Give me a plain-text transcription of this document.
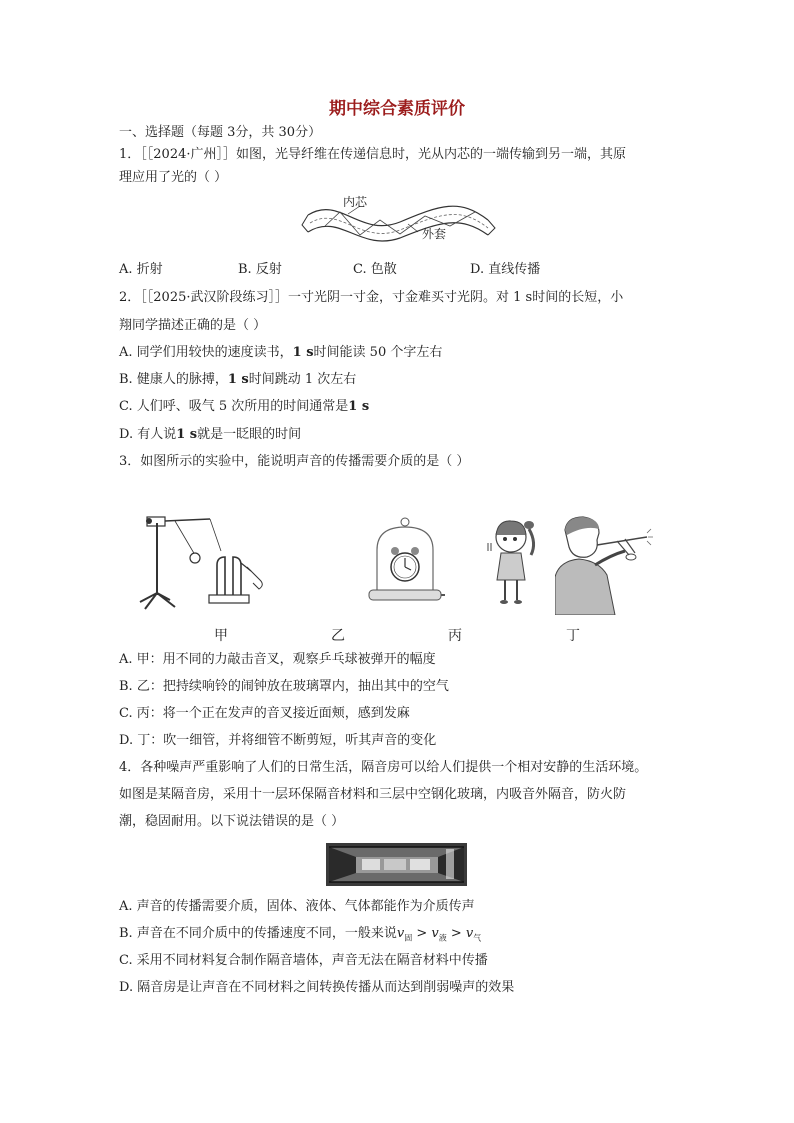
期中综合素质评价
一、选择题（每题 3分，共 30分）
1．［［2024·广州］］如图，光导纤维在传递信息时，光从内芯的一端传输到另一端，其原
理应用了光的（ ）
内芯
外套
A. 折射	B. 反射	C. 色散	D. 直线传播
2．［［2025·武汉阶段练习］］一寸光阴一寸金，寸金难买寸光阴。对 1 s时间的长短，小
翔同学描述正确的是（ ）
A. 同学们用较快的速度读书，1 s时间能读 50 个字左右
B. 健康人的脉搏，1 s时间跳动 1 次左右
C. 人们呼、吸气 5 次所用的时间通常是1 s
D. 有人说1 s就是一眨眼的时间
3．如图所示的实验中，能说明声音的传播需要介质的是（ ）
甲	乙	丙	丁
A. 甲：用不同的力敲击音叉，观察乒乓球被弹开的幅度
B. 乙：把持续响铃的闹钟放在玻璃罩内，抽出其中的空气
C. 丙：将一个正在发声的音叉接近面颊，感到发麻
D. 丁：吹一细管，并将细管不断剪短，听其声音的变化
4．各种噪声严重影响了人们的日常生活，隔音房可以给人们提供一个相对安静的生活环境。
如图是某隔音房，采用十一层环保隔音材料和三层中空钢化玻璃，内吸音外隔音，防火防
潮，稳固耐用。以下说法错误的是（ ）
A. 声音的传播需要介质，固体、液体、气体都能作为介质传声
B. 声音在不同介质中的传播速度不同，一般来说$v_固 > v_液 > v_气$
C. 采用不同材料复合制作隔音墙体，声音无法在隔音材料中传播
D. 隔音房是让声音在不同材料之间转换传播从而达到削弱噪声的效果
